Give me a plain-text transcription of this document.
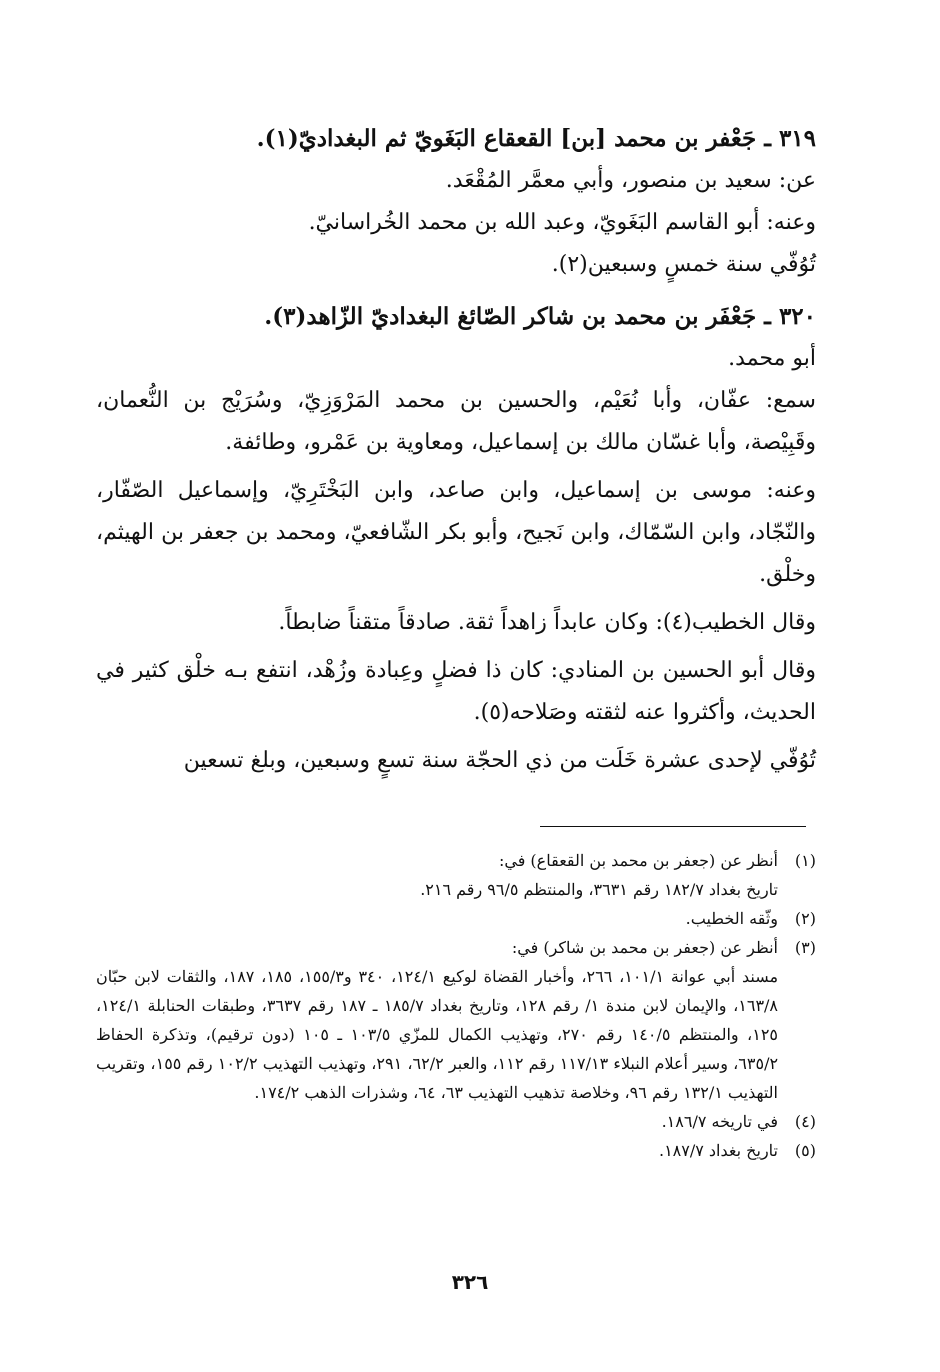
٣١٩ ـ جَعْفر بن محمد [بن] القعقاع البَغَويّ ثم البغداديّ(١).

عن: سعيد بن منصور، وأبي معمَّر المُقْعَد.

وعنه: أبو القاسم البَغَويّ، وعبد الله بن محمد الخُراسانيّ.

تُوُفّي سنة خمسٍ وسبعين(٢).

٣٢٠ ـ جَعْفَر بن محمد بن شاكر الصّائغ البغداديّ الزّاهد(٣).

أبو محمد.

سمع: عفّان، وأبا نُعَيْم، والحسين بن محمد المَرْوَزِيّ، وسُرَيْج بن النُّعمان، وقَبِيْصة، وأبا غسّان مالك بن إسماعيل، ومعاوية بن عَمْرو، وطائفة.

وعنه: موسى بن إسماعيل، وابن صاعد، وابن البَخْتَرِيّ، وإسماعيل الصّفّار، والنّجّاد، وابن السّمّاك، وابن نَجيح، وأبو بكر الشّافعيّ، ومحمد بن جعفر بن الهيثم، وخلْق.

وقال الخطيب(٤): وكان عابداً زاهداً ثقة. صادقاً متقناً ضابطاً.

وقال أبو الحسين بن المنادي: كان ذا فضلٍ وعِبادة وزُهْد، انتفع بـه خلْق كثير في الحديث، وأكثروا عنه لثقته وصَلاحه(٥).

تُوُفّي لإحدى عشرة خَلَت من ذي الحجّة سنة تسعٍ وسبعين، وبلغ تسعين

(١)
أنظر عن (جعفر بن محمد بن القعقاع) في:

تاريخ بغداد ١٨٢/٧ رقم ٣٦٣١، والمنتظم ٩٦/٥ رقم ٢١٦.

(٢)
وثّقه الخطيب.
(٣)
أنظر عن (جعفر بن محمد بن شاكر) في:

مسند أبي عوانة ١٠١/١، ٢٦٦، وأخبار القضاة لوكيع ١٢٤/١، ٣٤٠ و١٥٥/٣، ١٨٥، ١٨٧، والثقات لابن حبّان ١٦٣/٨، والإيمان لابن مندة ١/ رقم ١٢٨، وتاريخ بغداد ١٨٥/٧ ـ ١٨٧ رقم ٣٦٣٧، وطبقات الحنابلة ١٢٤/١، ١٢٥، والمنتظم ١٤٠/٥ رقم ٢٧٠، وتهذيب الكمال للمزّي ١٠٣/٥ ـ ١٠٥ (دون ترقيم)، وتذكرة الحفاظ ٦٣٥/٢، وسير أعلام النبلاء ١١٧/١٣ رقم ١١٢، والعبر ٦٢/٢، ٢٩١، وتهذيب التهذيب ١٠٢/٢ رقم ١٥٥، وتقريب التهذيب ١٣٢/١ رقم ٩٦، وخلاصة تذهيب التهذيب ٦٣، ٦٤، وشذرات الذهب ١٧٤/٢.

(٤)
في تاريخه ١٨٦/٧.
(٥)
تاريخ بغداد ١٨٧/٧.
٣٢٦
